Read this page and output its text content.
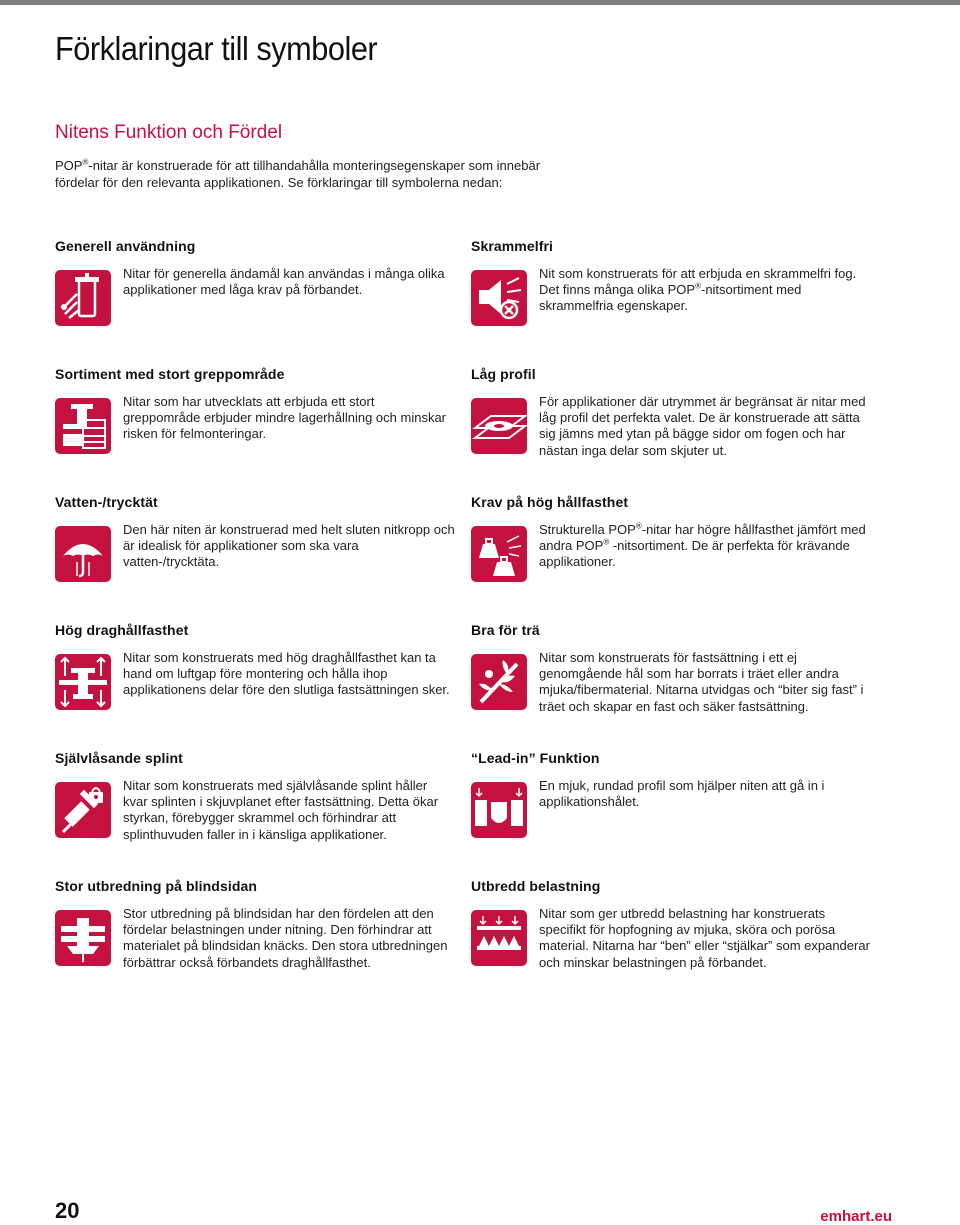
Förklaringar till symboler
Nitens Funktion och Fördel
POP®-nitar är konstruerade för att tillhandahålla monteringsegenskaper som innebär
fördelar för den relevanta applikationen. Se förklaringar till symbolerna nedan:
Generell användning
Nitar för generella ändamål kan användas i många olika applikationer med låga krav på förbandet.
Skrammelfri
Nit som konstruerats för att erbjuda en skrammelfri fog. Det finns många olika POP®-nitsortiment med skrammelfria egenskaper.
Sortiment med stort greppområde
Nitar som har utvecklats att erbjuda ett stort greppområde erbjuder mindre lagerhållning och minskar risken för felmonteringar.
Låg profil
För applikationer där utrymmet är begränsat är nitar med låg profil det perfekta valet. De är konstruerade att sätta sig jämns med ytan på bägge sidor om fogen och har nästan inga delar som skjuter ut.
Vatten-/trycktät
Den här niten är konstruerad med helt sluten nitkropp och är idealisk för applikationer som ska vara vatten-/trycktäta.
Krav på hög hållfasthet
Strukturella POP®-nitar har högre hållfasthet jämfört med andra POP® -nitsortiment. De är perfekta för krävande applikationer.
Hög draghållfasthet
Nitar som konstruerats med hög draghållfasthet kan ta hand om luftgap före montering och hålla ihop applikationens delar före den slutliga fastsättningen sker.
Bra för trä
Nitar som konstruerats för fastsättning i ett ej genomgående hål som har borrats i träet eller andra mjuka/fibermaterial. Nitarna utvidgas och “biter sig fast” i träet och skapar en fast och säker fastsättning.
Självlåsande splint
Nitar som konstruerats med självlåsande splint håller kvar splinten i skjuvplanet efter fastsättning. Detta ökar styrkan, förebygger skrammel och förhindrar att splinthuvuden faller in i känsliga applikationer.
“Lead-in” Funktion
En mjuk, rundad profil som hjälper niten att gå in i applikationshålet.
Stor utbredning på blindsidan
Stor utbredning på blindsidan har den fördelen att den fördelar belastningen under nitning. Den förhindrar att materialet på blindsidan knäcks. Den stora utbredningen förbättrar också förbandets draghållfasthet.
Utbredd belastning
Nitar som ger utbredd belastning har konstruerats specifikt för hopfogning av mjuka, sköra och porösa material. Nitarna har “ben” eller “stjälkar” som expanderar och minskar belastningen på förbandet.
20	emhart.eu
